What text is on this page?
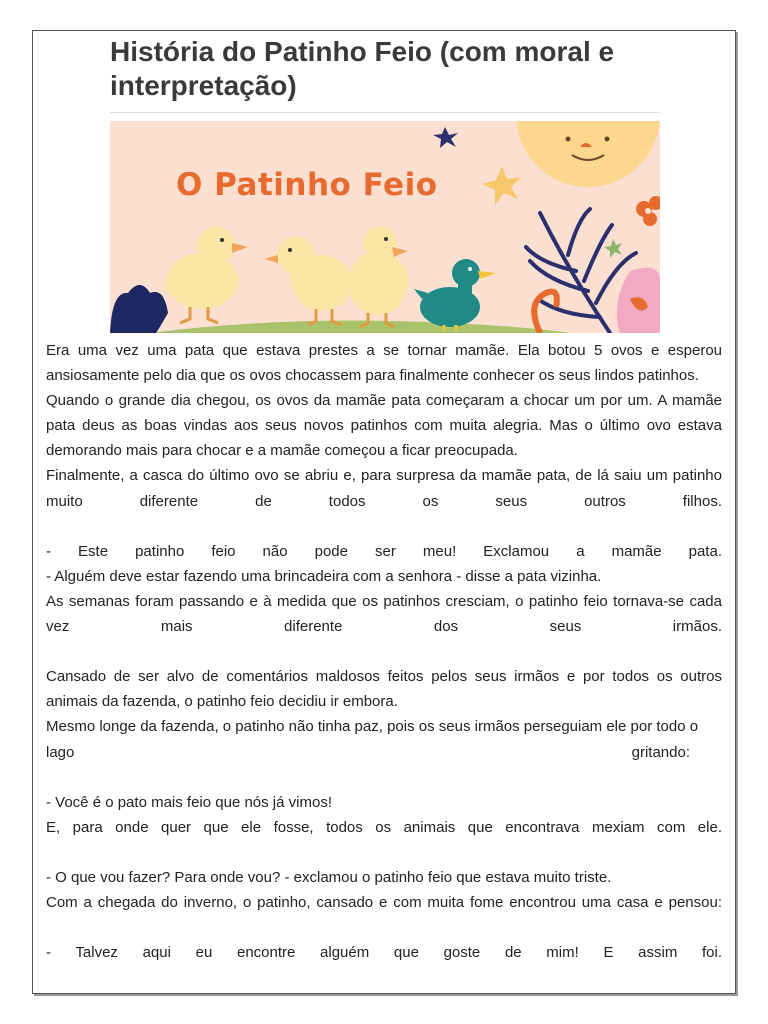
História do Patinho Feio (com moral e interpretação)
O Patinho Feio

Era uma vez uma pata que estava prestes a se tornar mamãe. Ela botou 5 ovos e esperou ansiosamente pelo dia que os ovos chocassem para finalmente conhecer os seus lindos patinhos.

Quando o grande dia chegou, os ovos da mamãe pata começaram a chocar um por um. A mamãe pata deus as boas vindas aos seus novos patinhos com muita alegria. Mas o último ovo estava demorando mais para chocar e a mamãe começou a ficar preocupada.

Finalmente, a casca do último ovo se abriu e, para surpresa da mamãe pata, de lá saiu um patinho muito diferente de todos os seus outros filhos.

- Este patinho feio não pode ser meu! Exclamou a mamãe pata.

- Alguém deve estar fazendo uma brincadeira com a senhora - disse a pata vizinha.

As semanas foram passando e à medida que os patinhos cresciam, o patinho feio tornava-se cada vez mais diferente dos seus irmãos.

Cansado de ser alvo de comentários maldosos feitos pelos seus irmãos e por todos os outros animais da fazenda, o patinho feio decidiu ir embora.

Mesmo longe da fazenda, o patinho não tinha paz, pois os seus irmãos perseguiam ele por todo o

lago	gritando:

- Você é o pato mais feio que nós já vimos!

E, para onde quer que ele fosse, todos os animais que encontrava mexiam com ele.

- O que vou fazer? Para onde vou? - exclamou o patinho feio que estava muito triste.

Com a chegada do inverno, o patinho, cansado e com muita fome encontrou uma casa e pensou:

- Talvez aqui eu encontre alguém que goste de mim! E assim foi.
